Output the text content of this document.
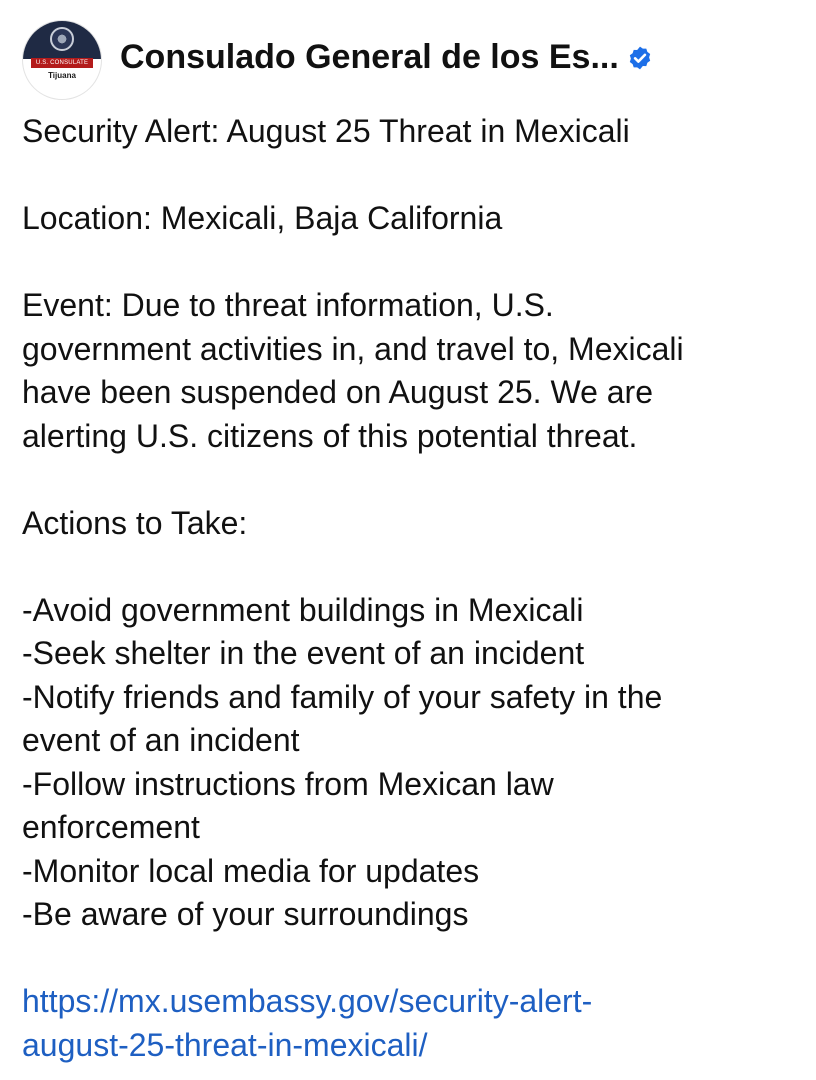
U.S. CONSULATE
Tijuana	Consulado General de los Es...

Security Alert: August 25 Threat in Mexicali

Location: Mexicali, Baja California

Event: Due to threat information, U.S.
government activities in, and travel to, Mexicali
have been suspended on August 25. We are
alerting U.S. citizens of this potential threat.

Actions to Take:

-Avoid government buildings in Mexicali
-Seek shelter in the event of an incident
-Notify friends and family of your safety in the
event of an incident
-Follow instructions from Mexican law
enforcement
-Monitor local media for updates
-Be aware of your surroundings

https://mx.usembassy.gov/security-alert-
august-25-threat-in-mexicali/
